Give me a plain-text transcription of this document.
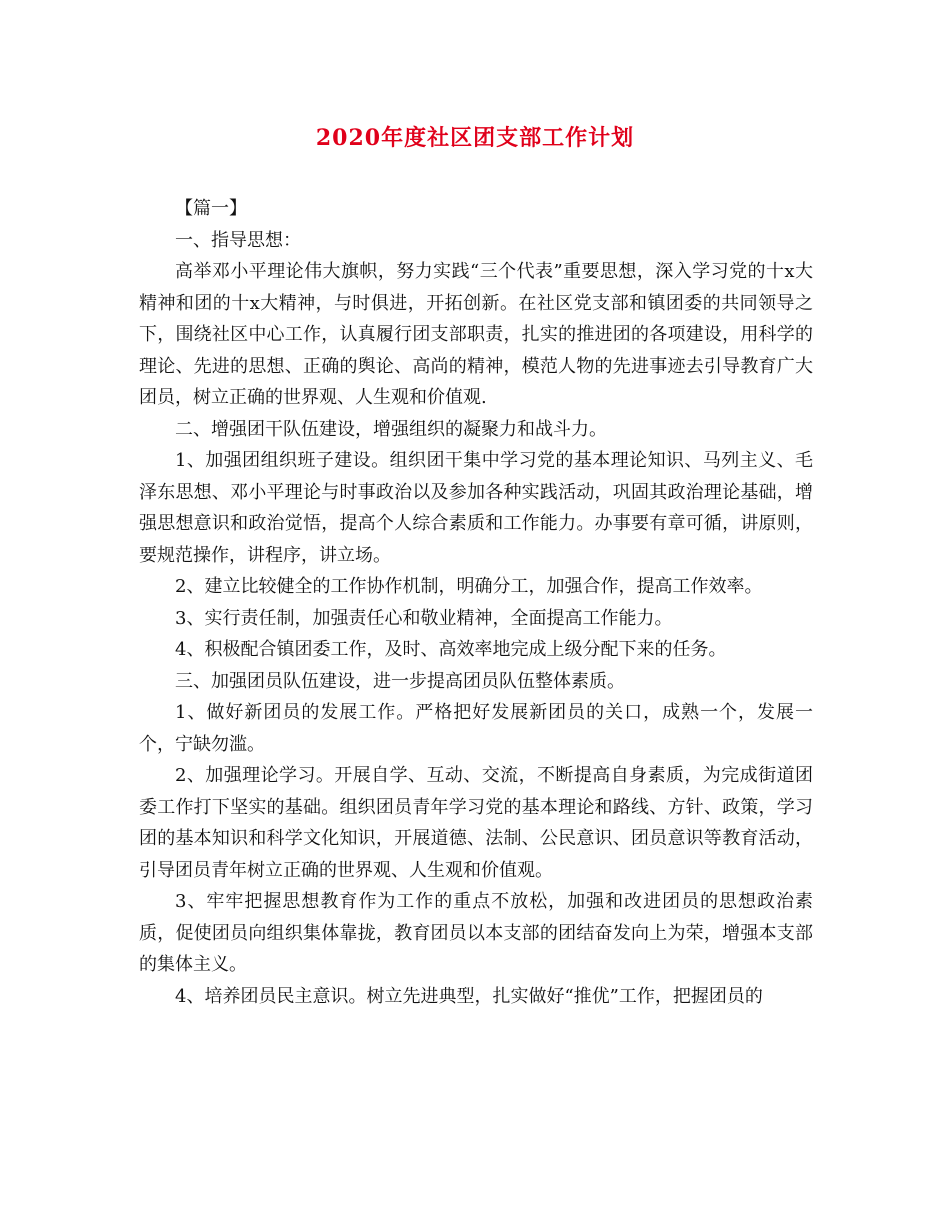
2020年度社区团支部工作计划

【篇一】

一、指导思想：

高举邓小平理论伟大旗帜，努力实践“三个代表”重要思想，深入学习党的十x大精神和团的十x大精神，与时俱进，开拓创新。在社区党支部和镇团委的共同领导之下，围绕社区中心工作，认真履行团支部职责，扎实的推进团的各项建设，用科学的理论、先进的思想、正确的舆论、高尚的精神，模范人物的先进事迹去引导教育广大团员，树立正确的世界观、人生观和价值观.

二、增强团干队伍建设，增强组织的凝聚力和战斗力。

1、加强团组织班子建设。组织团干集中学习党的基本理论知识、马列主义、毛泽东思想、邓小平理论与时事政治以及参加各种实践活动，巩固其政治理论基础，增强思想意识和政治觉悟，提高个人综合素质和工作能力。办事要有章可循，讲原则，要规范操作，讲程序，讲立场。

2、建立比较健全的工作协作机制，明确分工，加强合作，提高工作效率。

3、实行责任制，加强责任心和敬业精神，全面提高工作能力。

4、积极配合镇团委工作，及时、高效率地完成上级分配下来的任务。

三、加强团员队伍建设，进一步提高团员队伍整体素质。

1、做好新团员的发展工作。严格把好发展新团员的关口，成熟一个，发展一个，宁缺勿滥。

2、加强理论学习。开展自学、互动、交流，不断提高自身素质，为完成街道团委工作打下坚实的基础。组织团员青年学习党的基本理论和路线、方针、政策，学习团的基本知识和科学文化知识，开展道德、法制、公民意识、团员意识等教育活动，引导团员青年树立正确的世界观、人生观和价值观。

3、牢牢把握思想教育作为工作的重点不放松，加强和改进团员的思想政治素质，促使团员向组织集体靠拢，教育团员以本支部的团结奋发向上为荣，增强本支部的集体主义。

4、培养团员民主意识。树立先进典型，扎实做好“推优”工作，把握团员的
